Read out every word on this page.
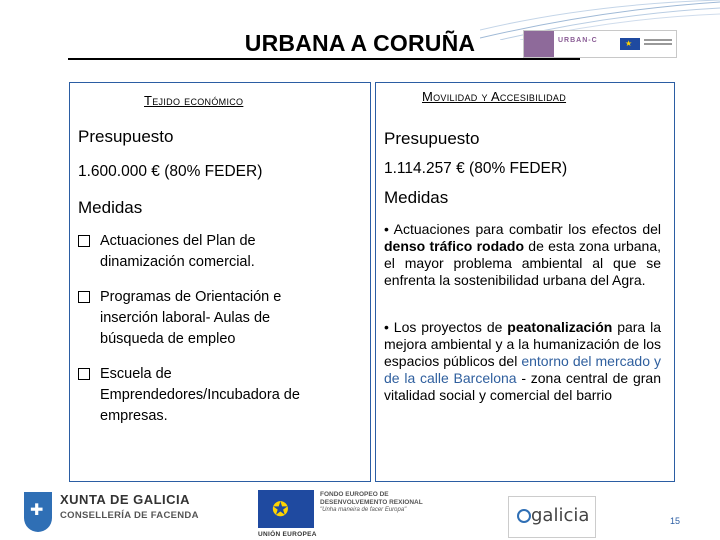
URBANA A CORUÑA	URBAN-C	★
Tejido económico
Presupuesto
1.600.000 € (80% FEDER)
Medidas
Actuaciones del Plan de
dinamización comercial.
Programas de Orientación e
inserción laboral- Aulas de
búsqueda de empleo
Escuela de
Emprendedores/Incubadora de
empresas.
Movilidad y Accesibilidad
Presupuesto
1.114.257 € (80% FEDER)
Medidas
• Actuaciones para combatir los efectos del denso tráfico rodado de esta zona urbana, el mayor problema ambiental al que se enfrenta la sostenibilidad urbana del Agra.
• Los proyectos de peatonalización para la mejora ambiental y a la humanización de los espacios públicos del entorno del mercado y de la calle Barcelona - zona central de gran vitalidad social y comercial del barrio
✚
XUNTA DE GALICIA
CONSELLERÍA DE FACENDA	✪
UNIÓN EUROPEA
FONDO EUROPEO DE
DESENVOLVEMENTO REXIONAL
"Unha maneira de facer Europa"	galicia	15
